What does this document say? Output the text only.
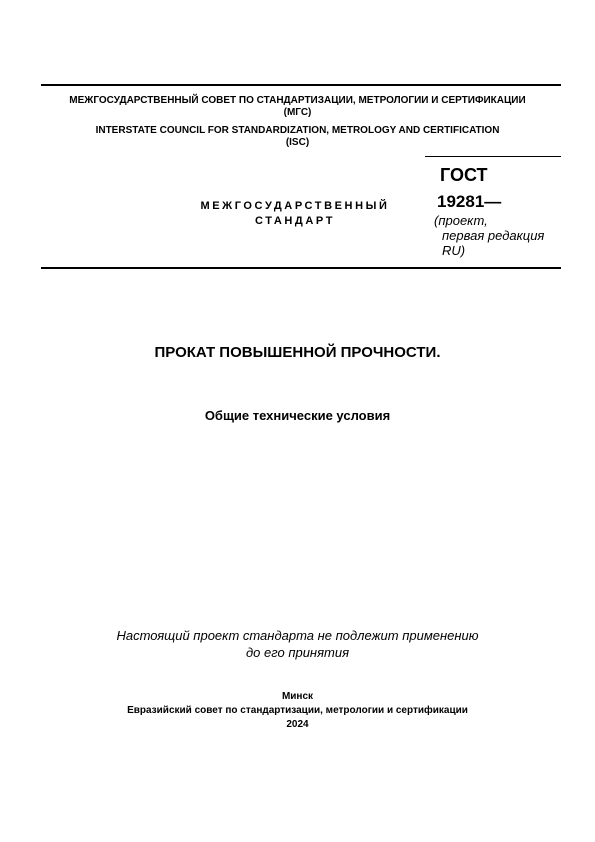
МЕЖГОСУДАРСТВЕННЫЙ СОВЕТ ПО СТАНДАРТИЗАЦИИ, МЕТРОЛОГИИ И СЕРТИФИКАЦИИ
(МГС)
INTERSTATE COUNCIL FOR STANDARDIZATION, METROLOGY AND CERTIFICATION
(ISC)
МЕЖГОСУДАРСТВЕННЫЙ
СТАНДАРТ
ГОСТ
19281—
(проект,
первая редакция
RU)
ПРОКАТ ПОВЫШЕННОЙ ПРОЧНОСТИ.
Общие технические условия
Настоящий проект стандарта не подлежит применению
до его принятия
Минск
Евразийский совет по стандартизации, метрологии и сертификации
2024
